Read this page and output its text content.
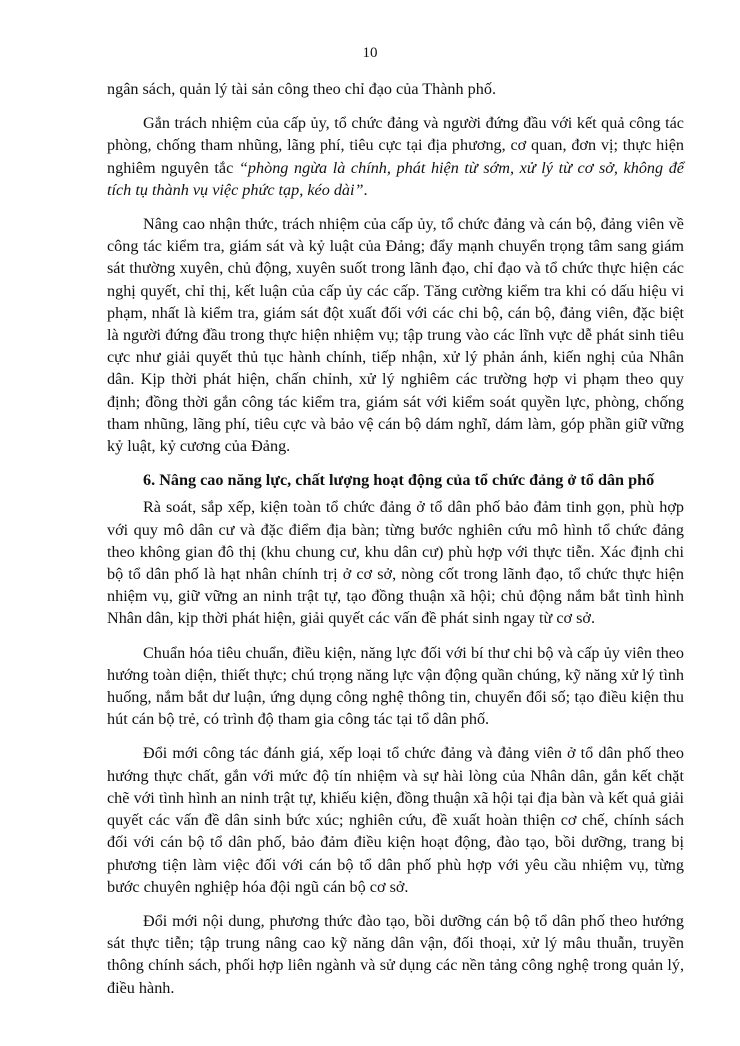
10

ngân sách, quản lý tài sản công theo chỉ đạo của Thành phố.

Gắn trách nhiệm của cấp ủy, tổ chức đảng và người đứng đầu với kết quả công tác phòng, chống tham nhũng, lãng phí, tiêu cực tại địa phương, cơ quan, đơn vị; thực hiện nghiêm nguyên tắc “phòng ngừa là chính, phát hiện từ sớm, xử lý từ cơ sở, không để tích tụ thành vụ việc phức tạp, kéo dài”.

Nâng cao nhận thức, trách nhiệm của cấp ủy, tổ chức đảng và cán bộ, đảng viên về công tác kiểm tra, giám sát và kỷ luật của Đảng; đẩy mạnh chuyển trọng tâm sang giám sát thường xuyên, chủ động, xuyên suốt trong lãnh đạo, chỉ đạo và tổ chức thực hiện các nghị quyết, chỉ thị, kết luận của cấp ủy các cấp. Tăng cường kiểm tra khi có dấu hiệu vi phạm, nhất là kiểm tra, giám sát đột xuất đối với các chi bộ, cán bộ, đảng viên, đặc biệt là người đứng đầu trong thực hiện nhiệm vụ; tập trung vào các lĩnh vực dễ phát sinh tiêu cực như giải quyết thủ tục hành chính, tiếp nhận, xử lý phản ánh, kiến nghị của Nhân dân. Kịp thời phát hiện, chấn chỉnh, xử lý nghiêm các trường hợp vi phạm theo quy định; đồng thời gắn công tác kiểm tra, giám sát với kiểm soát quyền lực, phòng, chống tham nhũng, lãng phí, tiêu cực và bảo vệ cán bộ dám nghĩ, dám làm, góp phần giữ vững kỷ luật, kỷ cương của Đảng.

6. Nâng cao năng lực, chất lượng hoạt động của tổ chức đảng ở tổ dân phố

Rà soát, sắp xếp, kiện toàn tổ chức đảng ở tổ dân phố bảo đảm tinh gọn, phù hợp với quy mô dân cư và đặc điểm địa bàn; từng bước nghiên cứu mô hình tổ chức đảng theo không gian đô thị (khu chung cư, khu dân cư) phù hợp với thực tiễn. Xác định chi bộ tổ dân phố là hạt nhân chính trị ở cơ sở, nòng cốt trong lãnh đạo, tổ chức thực hiện nhiệm vụ, giữ vững an ninh trật tự, tạo đồng thuận xã hội; chủ động nắm bắt tình hình Nhân dân, kịp thời phát hiện, giải quyết các vấn đề phát sinh ngay từ cơ sở.

Chuẩn hóa tiêu chuẩn, điều kiện, năng lực đối với bí thư chi bộ và cấp ủy viên theo hướng toàn diện, thiết thực; chú trọng năng lực vận động quần chúng, kỹ năng xử lý tình huống, nắm bắt dư luận, ứng dụng công nghệ thông tin, chuyển đổi số; tạo điều kiện thu hút cán bộ trẻ, có trình độ tham gia công tác tại tổ dân phố.

Đổi mới công tác đánh giá, xếp loại tổ chức đảng và đảng viên ở tổ dân phố theo hướng thực chất, gắn với mức độ tín nhiệm và sự hài lòng của Nhân dân, gắn kết chặt chẽ với tình hình an ninh trật tự, khiếu kiện, đồng thuận xã hội tại địa bàn và kết quả giải quyết các vấn đề dân sinh bức xúc; nghiên cứu, đề xuất hoàn thiện cơ chế, chính sách đối với cán bộ tổ dân phố, bảo đảm điều kiện hoạt động, đào tạo, bồi dưỡng, trang bị phương tiện làm việc đối với cán bộ tổ dân phố phù hợp với yêu cầu nhiệm vụ, từng bước chuyên nghiệp hóa đội ngũ cán bộ cơ sở.

Đổi mới nội dung, phương thức đào tạo, bồi dưỡng cán bộ tổ dân phố theo hướng sát thực tiễn; tập trung nâng cao kỹ năng dân vận, đối thoại, xử lý mâu thuẫn, truyền thông chính sách, phối hợp liên ngành và sử dụng các nền tảng công nghệ trong quản lý, điều hành.
